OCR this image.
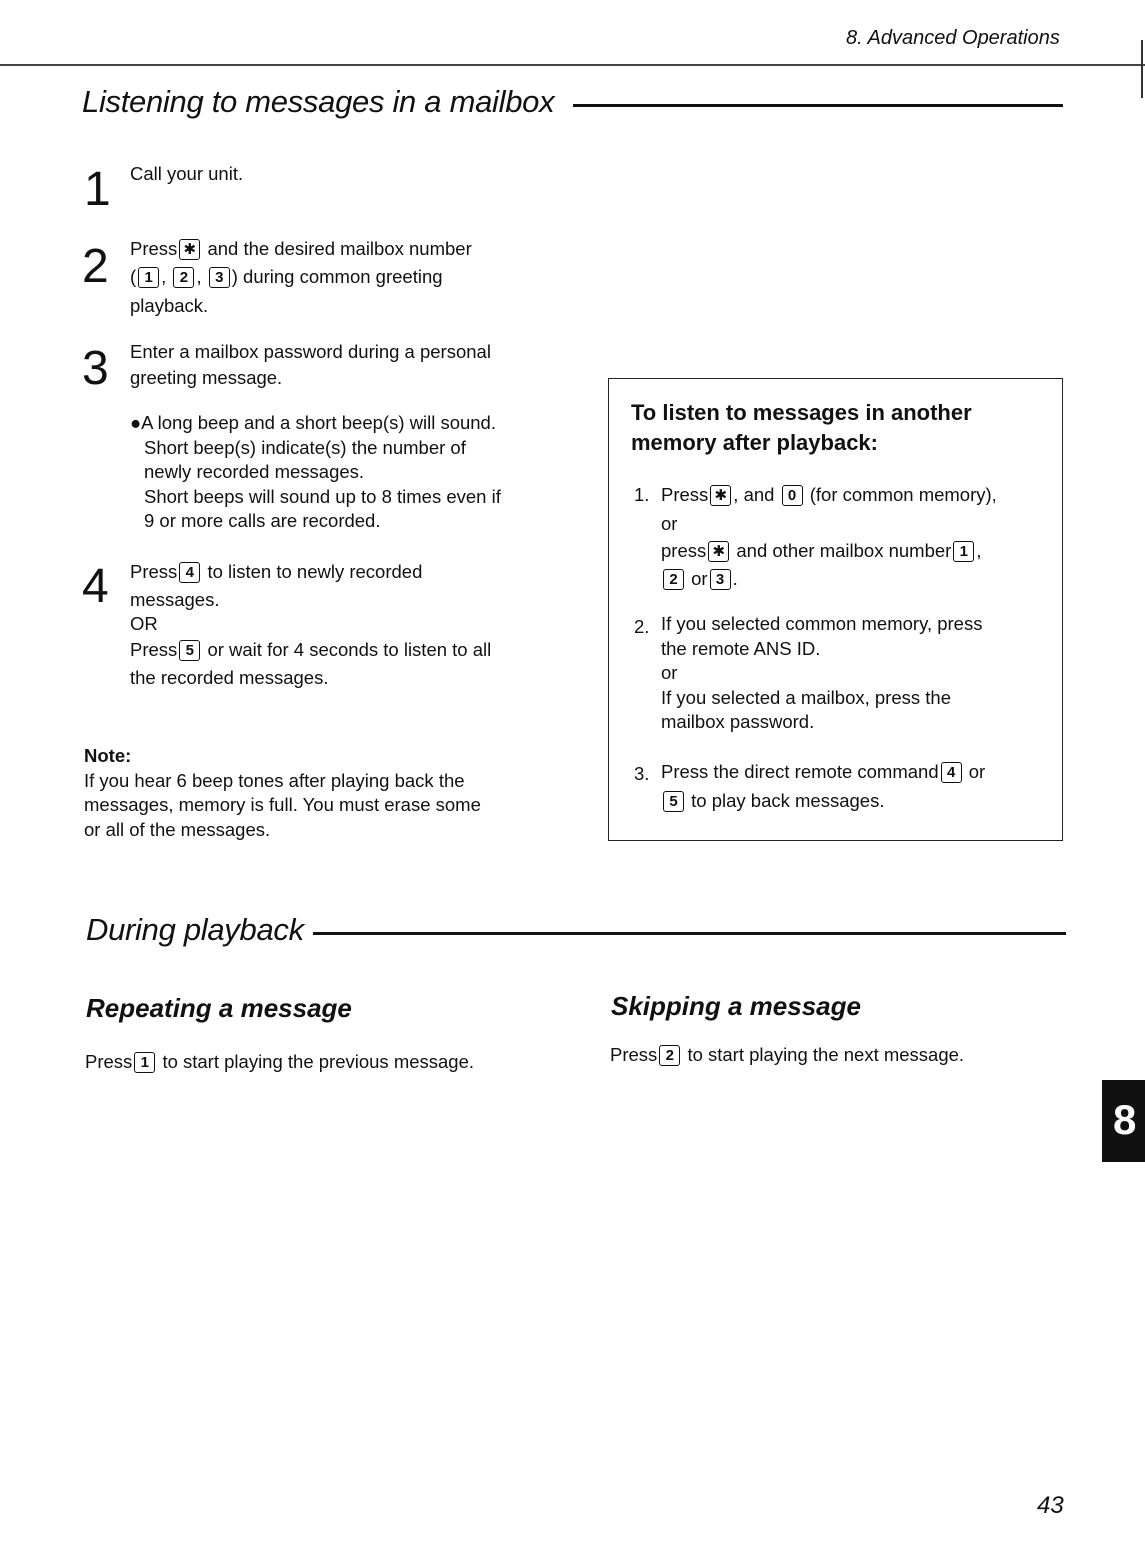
8. Advanced Operations
Listening to messages in a mailbox
1 Call your unit.
2 Press ✱ and the desired mailbox number
( 1 , 2 , 3 ) during common greeting
playback.
3 Enter a mailbox password during a personal
greeting message.
●A long beep and a short beep(s) will sound.
Short beep(s) indicate(s) the number of
newly recorded messages.
Short beeps will sound up to 8 times even if
9 or more calls are recorded.
4 Press 4 to listen to newly recorded
messages.
OR
Press 5 or wait for 4 seconds to listen to all
the recorded messages.
Note:
If you hear 6 beep tones after playing back the
messages, memory is full. You must erase some
or all of the messages.
To listen to messages in another
memory after playback:
1. Press ✱ , and 0 (for common memory),
or
press ✱ and other mailbox number 1 ,
2 or 3 .
2. If you selected common memory, press
the remote ANS ID.
or
If you selected a mailbox, press the
mailbox password.
3. Press the direct remote command 4 or
5 to play back messages.
During playback
Repeating a message
Press 1 to start playing the previous message.
Skipping a message
Press 2 to start playing the next message.
8
43
